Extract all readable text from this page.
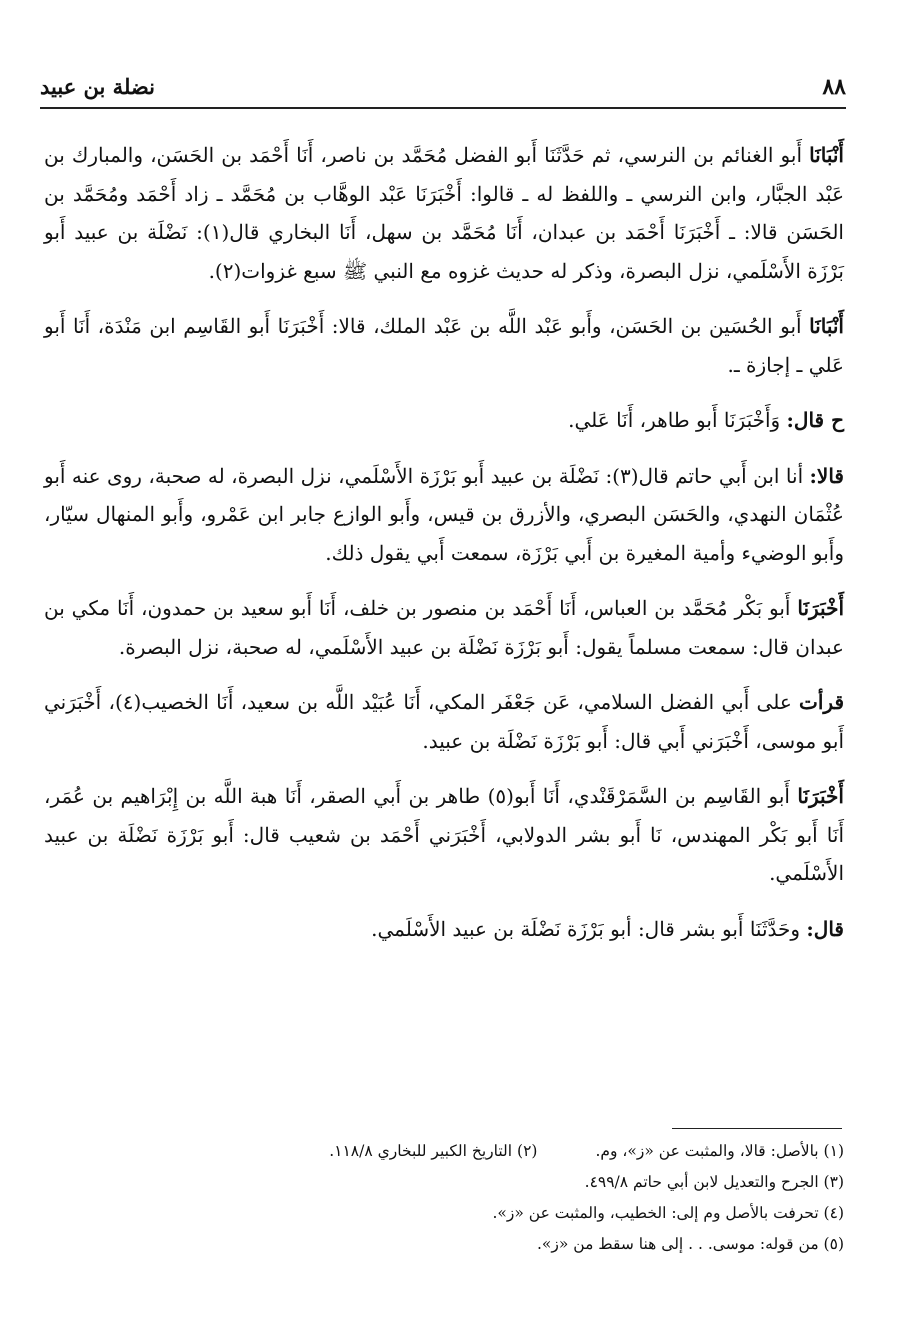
٨٨
نضلة بن عبيد

أَنْبَانَا أَبو الغنائم بن النرسي، ثم حَدَّثَنَا أَبو الفضل مُحَمَّد بن ناصر، أَنَا أَحْمَد بن الحَسَن، والمبارك بن عَبْد الجبَّار، وابن النرسي ـ واللفظ له ـ قالوا: أَخْبَرَنَا عَبْد الوهَّاب بن مُحَمَّد ـ زاد أَحْمَد ومُحَمَّد بن الحَسَن قالا: ـ أَخْبَرَنَا أَحْمَد بن عبدان، أَنَا مُحَمَّد بن سهل، أَنَا البخاري قال(١): نَضْلَة بن عبيد أَبو بَرْزَة الأَسْلَمي، نزل البصرة، وذكر له حديث غزوه مع النبي ﷺ سبع غزوات(٢).

أَنْبَانَا أَبو الحُسَين بن الحَسَن، وأَبو عَبْد اللَّه بن عَبْد الملك، قالا: أَخْبَرَنَا أَبو القَاسِم ابن مَنْدَة، أَنَا أَبو عَلي ـ إجازة ـ.

ح قال: وَأَخْبَرَنَا أَبو طاهر، أَنَا عَلي.

قالا: أنا ابن أَبي حاتم قال(٣): نَضْلَة بن عبيد أَبو بَرْزَة الأَسْلَمي، نزل البصرة، له صحبة، روى عنه أَبو عُثْمَان النهدي، والحَسَن البصري، والأزرق بن قيس، وأَبو الوازع جابر ابن عَمْرو، وأَبو المنهال سيّار، وأَبو الوضيء وأمية المغيرة بن أَبي بَرْزَة، سمعت أَبي يقول ذلك.

أَخْبَرَنَا أَبو بَكْر مُحَمَّد بن العباس، أَنَا أَحْمَد بن منصور بن خلف، أَنَا أَبو سعيد بن حمدون، أَنَا مكي بن عبدان قال: سمعت مسلماً يقول: أَبو بَرْزَة نَضْلَة بن عبيد الأَسْلَمي، له صحبة، نزل البصرة.

قرأت على أَبي الفضل السلامي، عَن جَعْفَر المكي، أَنَا عُبَيْد اللَّه بن سعيد، أَنَا الخصيب(٤)، أَخْبَرَني أَبو موسى، أَخْبَرَني أَبي قال: أَبو بَرْزَة نَضْلَة بن عبيد.

أَخْبَرَنَا أَبو القَاسِم بن السَّمَرْقَنْدي، أَنَا أَبو(٥) طاهر بن أَبي الصقر، أَنَا هبة اللَّه بن إِبْرَاهيم بن عُمَر، أَنَا أَبو بَكْر المهندس، نَا أَبو بشر الدولابي، أَخْبَرَني أَحْمَد بن شعيب قال: أَبو بَرْزَة نَضْلَة بن عبيد الأَسْلَمي.

قال: وحَدَّثَنَا أَبو بشر قال: أبو بَرْزَة نَضْلَة بن عبيد الأَسْلَمي.

(١) بالأصل: قالا، والمثبت عن «ز»، وم.
(٢) التاريخ الكبير للبخاري ١١٨/٨.
(٣) الجرح والتعديل لابن أبي حاتم ٤٩٩/٨.
(٤) تحرفت بالأصل وم إلى: الخطيب، والمثبت عن «ز».
(٥) من قوله: موسى. . . إلى هنا سقط من «ز».
